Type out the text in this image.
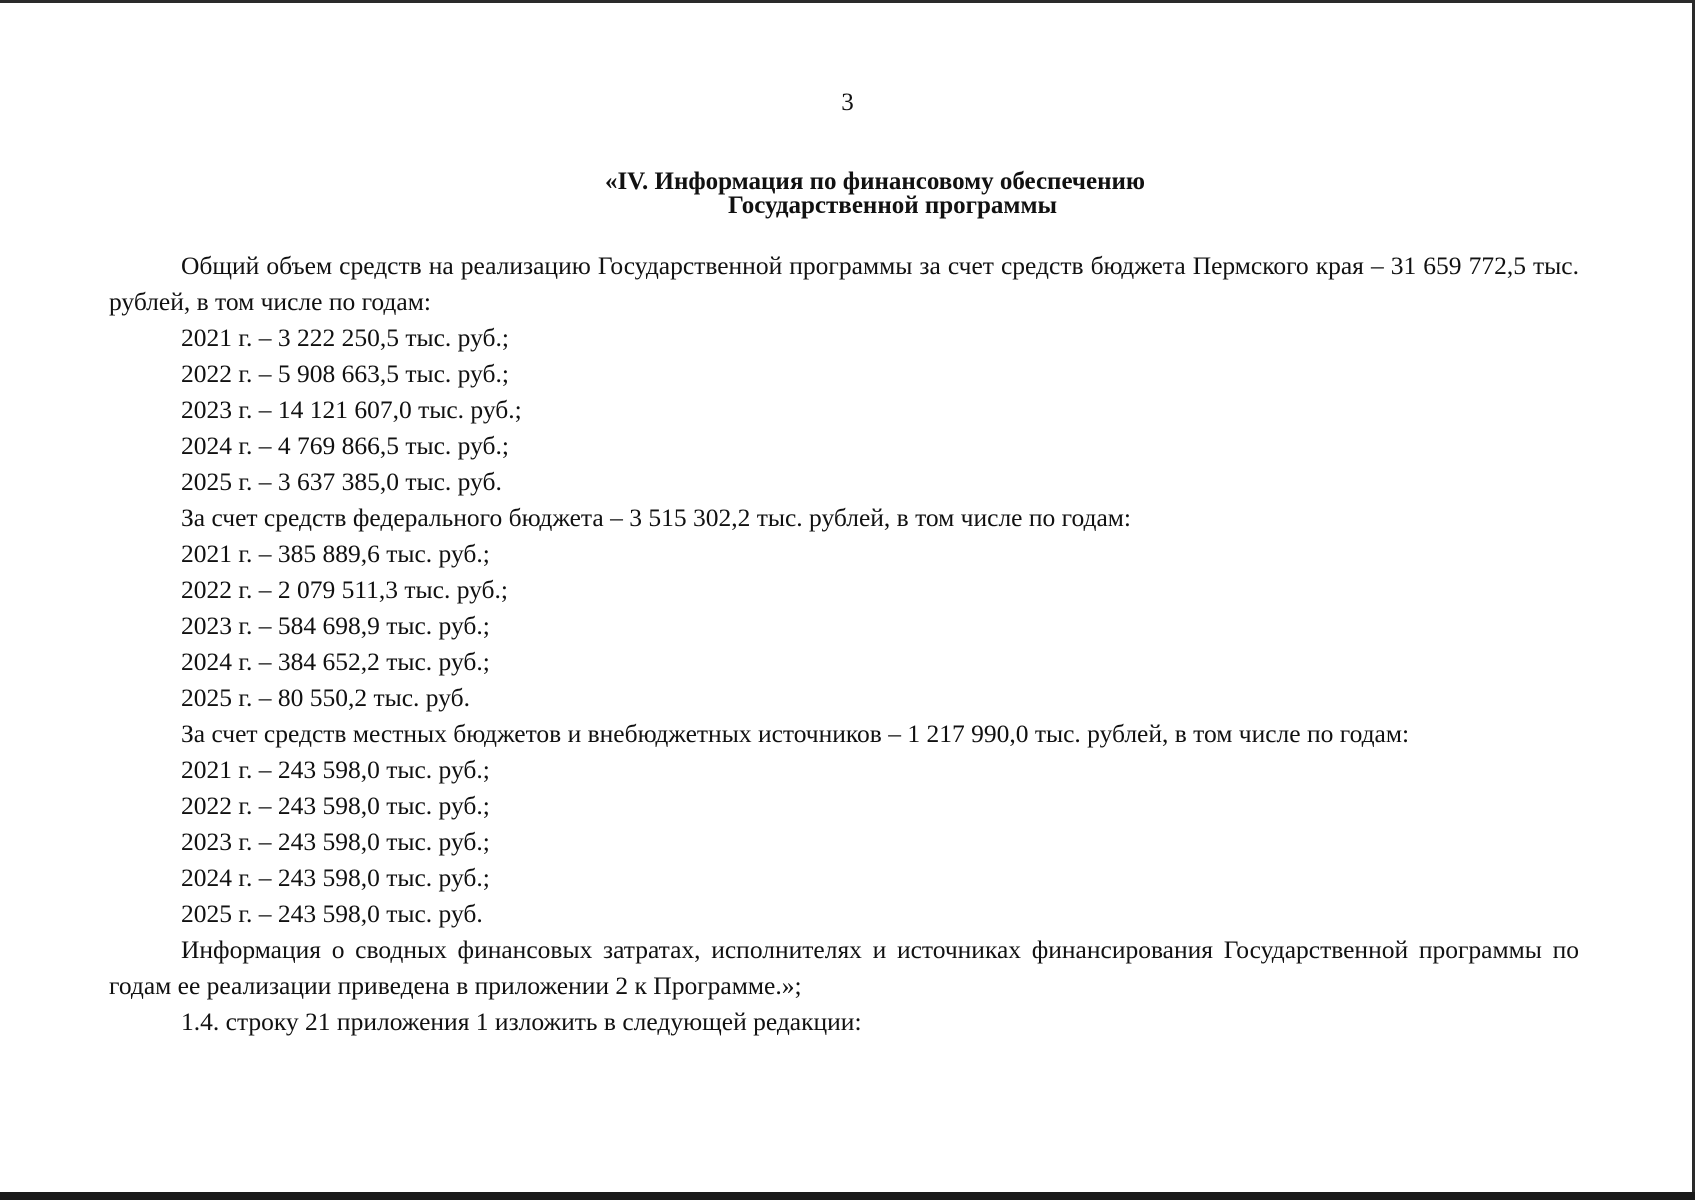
3
«IV. Информация по финансовому обеспечению
Государственной программы

Общий объем средств на реализацию Государственной программы за счет средств бюджета Пермского края – 31 659 772,5 тыс. рублей, в том числе по годам:

2021 г. – 3 222 250,5 тыс. руб.;

2022 г. – 5 908 663,5 тыс. руб.;

2023 г. – 14 121 607,0 тыс. руб.;

2024 г. – 4 769 866,5 тыс. руб.;

2025 г. – 3 637 385,0 тыс. руб.

За счет средств федерального бюджета – 3 515 302,2 тыс. рублей, в том числе по годам:

2021 г. – 385 889,6 тыс. руб.;

2022 г. – 2 079 511,3 тыс. руб.;

2023 г. – 584 698,9 тыс. руб.;

2024 г. – 384 652,2 тыс. руб.;

2025 г. – 80 550,2 тыс. руб.

За счет средств местных бюджетов и внебюджетных источников – 1 217 990,0 тыс. рублей, в том числе по годам:

2021 г. – 243 598,0 тыс. руб.;

2022 г. – 243 598,0 тыс. руб.;

2023 г. – 243 598,0 тыс. руб.;

2024 г. – 243 598,0 тыс. руб.;

2025 г. – 243 598,0 тыс. руб.

Информация о сводных финансовых затратах, исполнителях и источниках финансирования Государственной программы по годам ее реализации приведена в приложении 2 к Программе.»;

1.4. строку 21 приложения 1 изложить в следующей редакции:
